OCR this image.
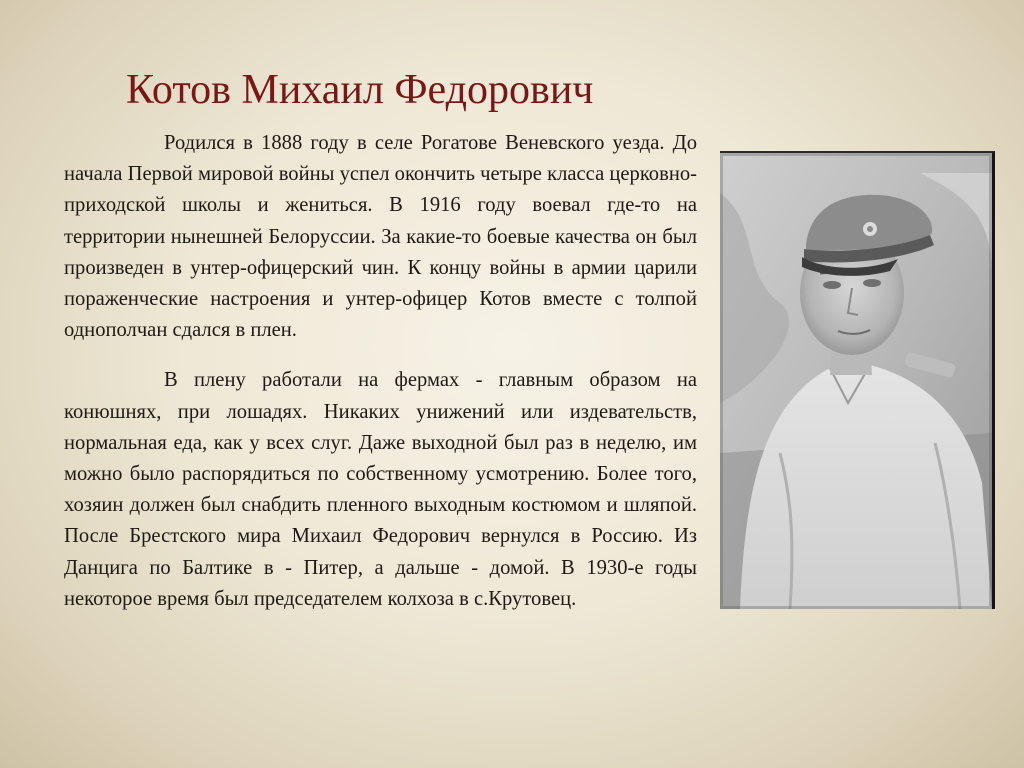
Котов Михаил Федорович

Родился в 1888 году в селе Рогатове Веневского уезда. До начала Первой мировой войны успел окончить четыре класса церковно-приходской школы и жениться. В 1916 году воевал где-то на территории нынешней Белоруссии. За какие-то боевые качества он был произведен в унтер-офицерский чин. К концу войны в армии царили пораженческие настроения и унтер-офицер Котов вместе с толпой однополчан сдался в плен.

В плену работали на фермах - главным образом на конюшнях, при лошадях. Никаких унижений или издевательств, нормальная еда, как у всех слуг. Даже выходной был раз в неделю, им можно было распорядиться по собственному усмотрению. Более того, хозяин должен был снабдить пленного выходным костюмом и шляпой. После Брестского мира Михаил Федорович вернулся в Россию. Из Данцига по Балтике в - Питер, а дальше - домой. В 1930-е годы некоторое время был председателем колхоза в с.Крутовец.
